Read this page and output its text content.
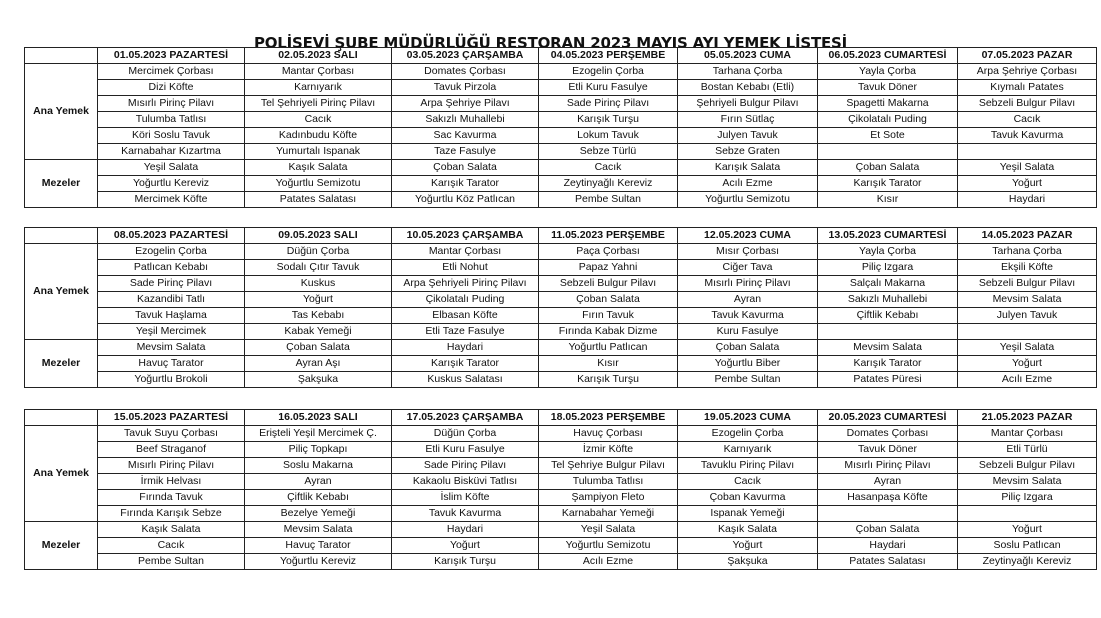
POLİSEVİ ŞUBE MÜDÜRLÜĞÜ RESTORAN 2023 MAYIS AYI YEMEK LİSTESİ
	01.05.2023 PAZARTESİ	02.05.2023 SALI	03.05.2023 ÇARŞAMBA	04.05.2023 PERŞEMBE	05.05.2023 CUMA	06.05.2023 CUMARTESİ	07.05.2023 PAZAR
Ana Yemek	Mercimek Çorbası	Mantar Çorbası	Domates Çorbası	Ezogelin Çorba	Tarhana Çorba	Yayla Çorba	Arpa Şehriye Çorbası
	Dizi Köfte	Karnıyarık	Tavuk Pirzola	Etli Kuru Fasulye	Bostan Kebabı (Etli)	Tavuk Döner	Kıymalı Patates
	Mısırlı Pirinç Pilavı	Tel Şehriyeli Pirinç Pilavı	Arpa Şehriye Pilavı	Sade Pirinç Pilavı	Şehriyeli Bulgur Pilavı	Spagetti Makarna	Sebzeli Bulgur Pilavı
	Tulumba Tatlısı	Cacık	Sakızlı Muhallebi	Karışık Turşu	Fırın Sütlaç	Çikolatalı Puding	Cacık
	Köri Soslu Tavuk	Kadınbudu Köfte	Sac Kavurma	Lokum Tavuk	Julyen Tavuk	Et Sote	Tavuk Kavurma
	Karnabahar Kızartma	Yumurtalı Ispanak	Taze Fasulye	Sebze Türlü	Sebze Graten		
Mezeler	Yeşil Salata	Kaşık Salata	Çoban Salata	Cacık	Karışık Salata	Çoban Salata	Yeşil Salata
	Yoğurtlu Kereviz	Yoğurtlu Semizotu	Karışık Tarator	Zeytinyağlı Kereviz	Acılı Ezme	Karışık Tarator	Yoğurt
	Mercimek Köfte	Patates Salatası	Yoğurtlu Köz Patlıcan	Pembe Sultan	Yoğurtlu Semizotu	Kısır	Haydari
	08.05.2023 PAZARTESİ	09.05.2023 SALI	10.05.2023 ÇARŞAMBA	11.05.2023 PERŞEMBE	12.05.2023 CUMA	13.05.2023 CUMARTESİ	14.05.2023 PAZAR
Ana Yemek	Ezogelin Çorba	Düğün Çorba	Mantar Çorbası	Paça Çorbası	Mısır Çorbası	Yayla Çorba	Tarhana Çorba
	Patlıcan Kebabı	Sodalı Çıtır Tavuk	Etli Nohut	Papaz Yahni	Ciğer Tava	Piliç Izgara	Ekşili Köfte
	Sade Pirinç Pilavı	Kuskus	Arpa Şehriyeli Pirinç Pilavı	Sebzeli Bulgur Pilavı	Mısırlı Pirinç Pilavı	Salçalı Makarna	Sebzeli Bulgur Pilavı
	Kazandibi Tatlı	Yoğurt	Çikolatalı Puding	Çoban Salata	Ayran	Sakızlı Muhallebi	Mevsim Salata
	Tavuk Haşlama	Tas Kebabı	Elbasan Köfte	Fırın Tavuk	Tavuk Kavurma	Çiftlik Kebabı	Julyen Tavuk
	Yeşil Mercimek	Kabak Yemeği	Etli Taze Fasulye	Fırında Kabak Dizme	Kuru Fasulye		
Mezeler	Mevsim Salata	Çoban Salata	Haydari	Yoğurtlu Patlıcan	Çoban Salata	Mevsim Salata	Yeşil Salata
	Havuç Tarator	Ayran Aşı	Karışık Tarator	Kısır	Yoğurtlu Biber	Karışık Tarator	Yoğurt
	Yoğurtlu Brokoli	Şakşuka	Kuskus Salatası	Karışık Turşu	Pembe Sultan	Patates Püresi	Acılı Ezme
	15.05.2023 PAZARTESİ	16.05.2023 SALI	17.05.2023 ÇARŞAMBA	18.05.2023 PERŞEMBE	19.05.2023 CUMA	20.05.2023 CUMARTESİ	21.05.2023 PAZAR
Ana Yemek	Tavuk Suyu Çorbası	Erişteli Yeşil Mercimek Ç.	Düğün Çorba	Havuç Çorbası	Ezogelin Çorba	Domates Çorbası	Mantar Çorbası
	Beef Straganof	Piliç Topkapı	Etli Kuru Fasulye	İzmir Köfte	Karnıyarık	Tavuk Döner	Etli Türlü
	Mısırlı Pirinç Pilavı	Soslu Makarna	Sade Pirinç Pilavı	Tel Şehriye Bulgur Pilavı	Tavuklu Pirinç Pilavı	Mısırlı Pirinç Pilavı	Sebzeli Bulgur Pilavı
	İrmik Helvası	Ayran	Kakaolu Bisküvi Tatlısı	Tulumba Tatlısı	Cacık	Ayran	Mevsim Salata
	Fırında Tavuk	Çiftlik Kebabı	İslim Köfte	Şampiyon Fleto	Çoban Kavurma	Hasanpaşa Köfte	Piliç Izgara
	Fırında Karışık Sebze	Bezelye Yemeği	Tavuk Kavurma	Karnabahar Yemeği	Ispanak Yemeği		
Mezeler	Kaşık Salata	Mevsim Salata	Haydari	Yeşil Salata	Kaşık Salata	Çoban Salata	Yoğurt
	Cacık	Havuç Tarator	Yoğurt	Yoğurtlu Semizotu	Yoğurt	Haydari	Soslu Patlıcan
	Pembe Sultan	Yoğurtlu Kereviz	Karışık Turşu	Acılı Ezme	Şakşuka	Patates Salatası	Zeytinyağlı Kereviz
